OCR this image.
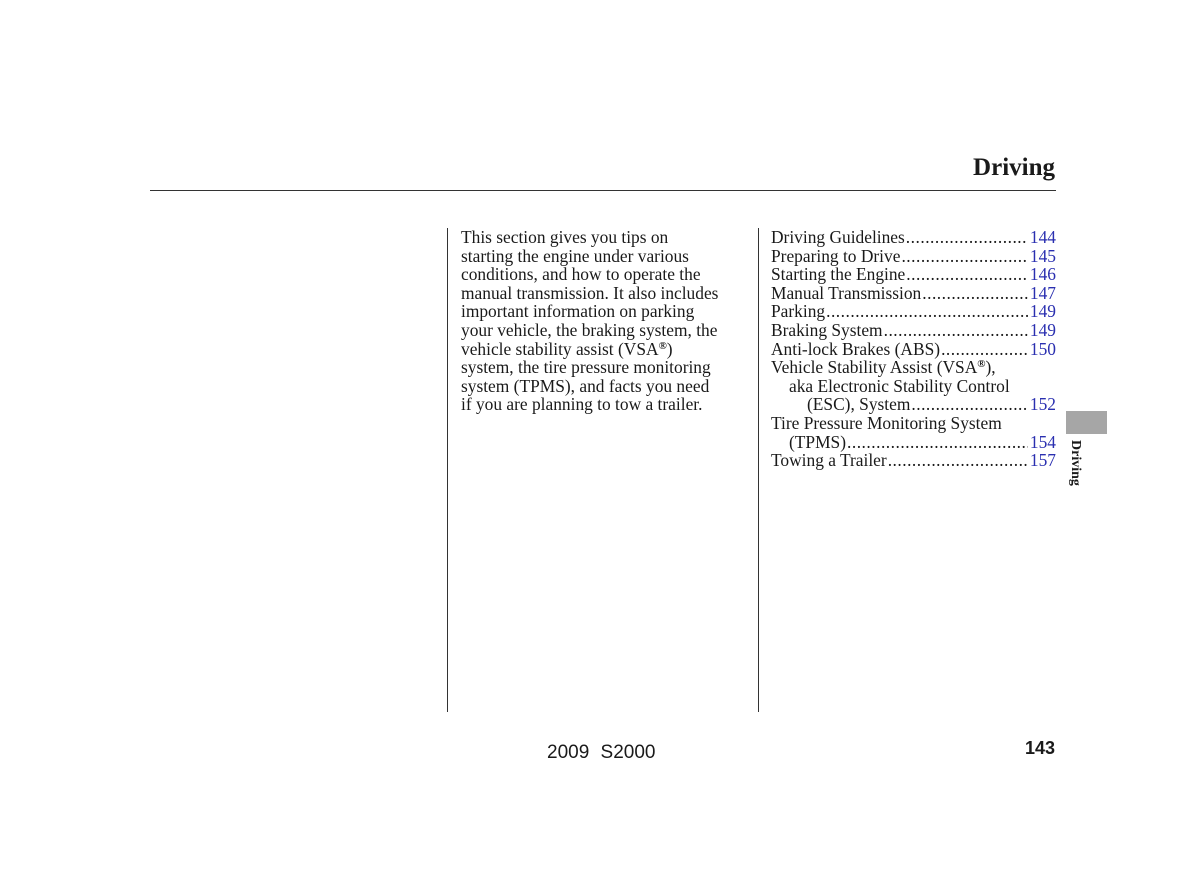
Driving

This section gives you tips on
starting the engine under various
conditions, and how to operate the
manual transmission. It also includes
important information on parking
your vehicle, the braking system, the
vehicle stability assist (VSA®)
system, the tire pressure monitoring
system (TPMS), and facts you need
if you are planning to tow a trailer.

Driving Guidelines .....	144
Preparing to Drive .....	145
Starting the Engine .....	146
Manual Transmission .....	147
Parking .....	149
Braking System .....	149
Anti-lock Brakes (ABS) .....	150
Vehicle Stability Assist (VSA®),
aka Electronic Stability Control
(ESC), System .....	152
Tire Pressure Monitoring System
(TPMS) .....	154
Towing a Trailer .....	157 Driving
2009 S2000	143
